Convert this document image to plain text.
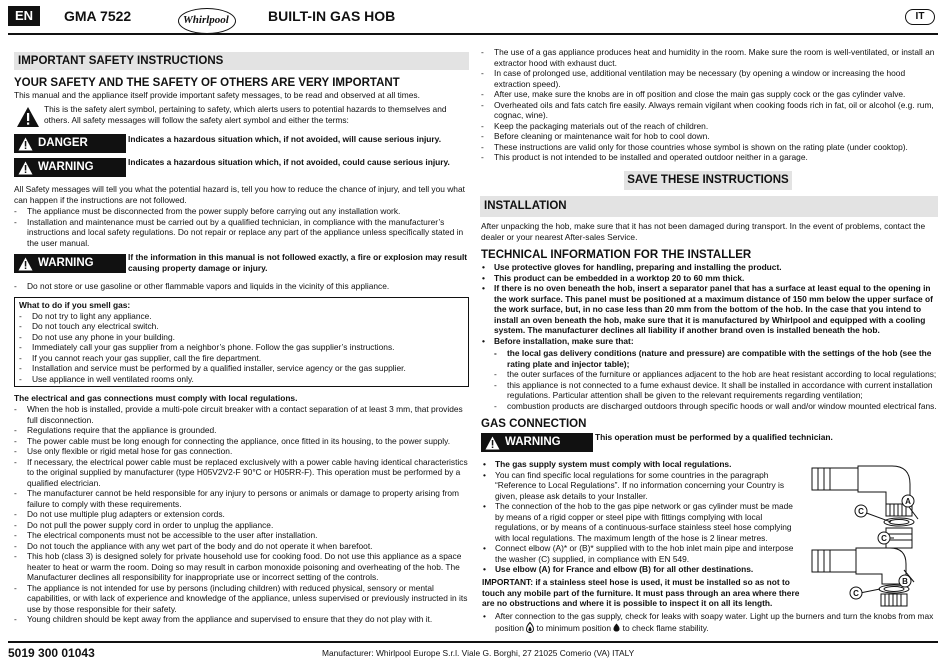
EN	GMA 7522	Whirlpool	BUILT-IN GAS HOB	IT
IMPORTANT SAFETY INSTRUCTIONS
YOUR SAFETY AND THE SAFETY OF OTHERS ARE VERY IMPORTANT
This manual and the appliance itself provide important safety messages, to be read and observed at all times.
This is the safety alert symbol, pertaining to safety, which alerts users to potential hazards to themselves and others. All safety messages will follow the safety alert symbol and either the terms:
DANGER	Indicates a hazardous situation which, if not avoided, will cause serious injury.
WARNING	Indicates a hazardous situation which, if not avoided, could cause serious injury.
All Safety messages will tell you what the potential hazard is, tell you how to reduce the chance of injury, and tell you what can happen if the instructions are not followed.
- The appliance must be disconnected from the power supply before carrying out any installation work.
- Installation and maintenance must be carried out by a qualified technician, in compliance with the manufacturer’s instructions and local safety regulations. Do not repair or replace any part of the appliance unless specifically stated in the user manual.
WARNING
If the information in this manual is not followed exactly, a fire or explosion may result causing property damage or injury.
- Do not store or use gasoline or other flammable vapors and liquids in the vicinity of this appliance.
What to do if you smell gas:
- Do not try to light any appliance.
- Do not touch any electrical switch.
- Do not use any phone in your building.
- Immediately call your gas supplier from a neighbor’s phone. Follow the gas supplier’s instructions.
- If you cannot reach your gas supplier, call the fire department.
- Installation and service must be performed by a qualified installer, service agency or the gas supplier.
- Use appliance in well ventilated rooms only.
The electrical and gas connections must comply with local regulations.
- When the hob is installed, provide a multi-pole circuit breaker with a contact separation of at least 3 mm, that provides full disconnection.
- Regulations require that the appliance is grounded.
- The power cable must be long enough for connecting the appliance, once fitted in its housing, to the power supply.
- Use only flexible or rigid metal hose for gas connection.
- If necessary, the electrical power cable must be replaced exclusively with a power cable having identical characteristics to the original supplied by manufacturer (type H05V2V2-F 90°C or H05RR-F). This operation must be performed by a qualified electrician.
- The manufacturer cannot be held responsible for any injury to persons or animals or damage to property arising from failure to comply with these requirements.
- Do not use multiple plug adapters or extension cords.
- Do not pull the power supply cord in order to unplug the appliance.
- The electrical components must not be accessible to the user after installation.
- Do not touch the appliance with any wet part of the body and do not operate it when barefoot.
- This hob (class 3) is designed solely for private household use for cooking food. Do not use this appliance as a space heater to heat or warm the room. Doing so may result in carbon monoxide poisoning and overheating of the hob. The Manufacturer declines all responsibility for inappropriate use or incorrect setting of the controls.
- The appliance is not intended for use by persons (including children) with reduced physical, sensory or mental capabilities, or with lack of experience and knowledge of the appliance, unless supervised or previously instructed in its use by those responsible for their safety.
- Young children should be kept away from the appliance and supervised to ensure that they do not play with it.
- The use of a gas appliance produces heat and humidity in the room. Make sure the room is well-ventilated, or install an extractor hood with exhaust duct.
- In case of prolonged use, additional ventilation may be necessary (by opening a window or increasing the hood extraction speed).
- After use, make sure the knobs are in off position and close the main gas supply cock or the gas cylinder valve.
- Overheated oils and fats catch fire easily. Always remain vigilant when cooking foods rich in fat, oil or alcohol (e.g. rum, cognac, wine).
- Keep the packaging materials out of the reach of children.
- Before cleaning or maintenance wait for hob to cool down.
- These instructions are valid only for those countries whose symbol is shown on the rating plate (under cooktop).
- This product is not intended to be installed and operated outdoor neither in a garage.
SAVE THESE INSTRUCTIONS
INSTALLATION
After unpacking the hob, make sure that it has not been damaged during transport. In the event of problems, contact the dealer or your nearest After-sales Service.
TECHNICAL INFORMATION FOR THE INSTALLER
• Use protective gloves for handling, preparing and installing the product.
• This product can be embedded in a worktop 20 to 60 mm thick.
• If there is no oven beneath the hob, insert a separator panel that has a surface at least equal to the opening in the work surface. This panel must be positioned at a maximum distance of 150 mm below the upper surface of the work surface, but, in no case less than 20 mm from the bottom of the hob. In the case that you intend to install an oven beneath the hob, make sure that it is manufactured by Whirlpool and equipped with a cooling system. The manufacturer declines all liability if another brand oven is installed beneath the hob.
• Before installation, make sure that:
- the local gas delivery conditions (nature and pressure) are compatible with the settings of the hob (see the rating plate and injector table);
- the outer surfaces of the furniture or appliances adjacent to the hob are heat resistant according to local regulations;
- this appliance is not connected to a fume exhaust device. It shall be installed in accordance with current installation regulations. Particular attention shall be given to the relevant requirements regarding ventilation;
- combustion products are discharged outdoors through specific hoods or wall and/or window mounted electrical fans.
GAS CONNECTION
WARNING	This operation must be performed by a qualified technician.
• The gas supply system must comply with local regulations.
• You can find specific local regulations for some countries in the paragraph “Reference to Local Regulations”. If no information concerning your Country is given, please ask details to your Installer.
• The connection of the hob to the gas pipe network or gas cylinder must be made by means of a rigid copper or steel pipe with fittings complying with local regulations, or by means of a continuous-surface stainless steel hose complying with local regulations. The maximum length of the hose is 2 linear metres.
• Connect elbow (A)* or (B)* supplied with to the hob inlet main pipe and interpose the washer (C) supplied, in compliance with EN 549.
• Use elbow (A) for France and elbow (B) for all other destinations.
IMPORTANT: if a stainless steel hose is used, it must be installed so as not to touch any mobile part of the furniture. It must pass through an area where there are no obstructions and where it is possible to inspect it on all its length.
• After connection to the gas supply, check for leaks with soapy water. Light up the burners and turn the knobs from max position to minimum position to check flame stability.
A
C
C
C
B
5019 300 01043	Manufacturer: Whirlpool Europe S.r.l. Viale G. Borghi, 27 21025 Comerio (VA) ITALY
